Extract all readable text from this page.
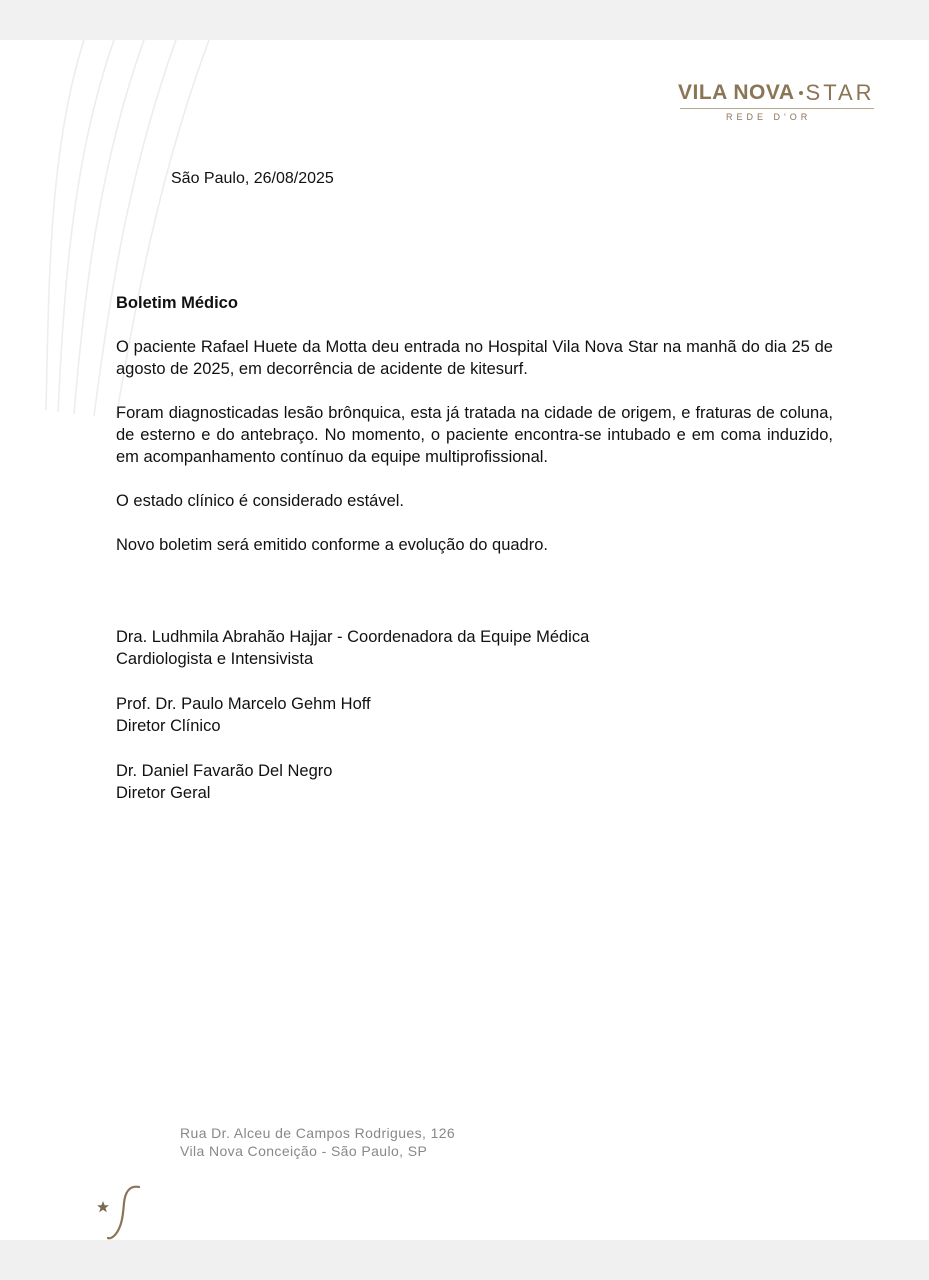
VILA NOVA STAR
REDE D'OR
São Paulo, 26/08/2025

Boletim Médico

O paciente Rafael Huete da Motta deu entrada no Hospital Vila Nova Star na manhã do dia 25 de agosto de 2025, em decorrência de acidente de kitesurf.

Foram diagnosticadas lesão brônquica, esta já tratada na cidade de origem, e fraturas de coluna, de esterno e do antebraço. No momento, o paciente encontra-se intubado e em coma induzido, em acompanhamento contínuo da equipe multiprofissional.

O estado clínico é considerado estável.

Novo boletim será emitido conforme a evolução do quadro.

Dra. Ludhmila Abrahão Hajjar - Coordenadora da Equipe Médica

Cardiologista e Intensivista

Prof. Dr. Paulo Marcelo Gehm Hoff

Diretor Clínico

Dr. Daniel Favarão Del Negro

Diretor Geral

Rua Dr. Alceu de Campos Rodrigues, 126
Vila Nova Conceição - São Paulo, SP
